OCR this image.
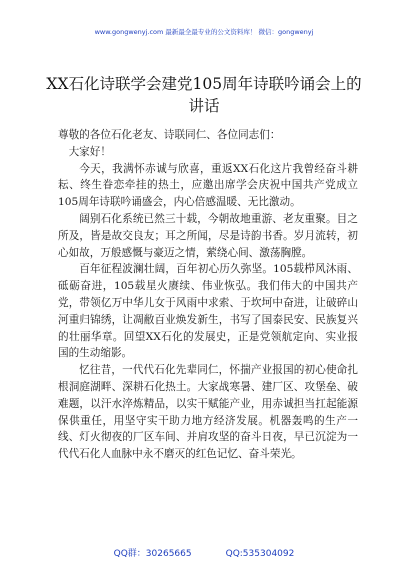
www.gongwenyj.com 最新最全最专业的公文资料库！ 微信：gongwenyj
XX石化诗联学会建党105周年诗联吟诵会上的讲话

尊敬的各位石化老友、诗联同仁、各位同志们：

大家好！

今天，我满怀赤诚与欣喜，重返XX石化这片我曾经奋斗耕耘、终生眷恋牵挂的热土，应邀出席学会庆祝中国共产党成立105周年诗联吟诵盛会，内心倍感温暖、无比激动。

阔别石化系统已然三十载，今朝故地重游、老友重聚。目之所及，皆是故交良友；耳之所闻，尽是诗韵书香。岁月流转，初心如故，万般感慨与豪迈之情，萦绕心间、激荡胸膛。

百年征程波澜壮阔，百年初心历久弥坚。105载栉风沐雨、砥砺奋进，105载星火赓续、伟业恢弘。我们伟大的中国共产党，带领亿万中华儿女于风雨中求索、于坎坷中奋进，让破碎山河重归锦绣，让凋敝百业焕发新生，书写了国泰民安、民族复兴的壮丽华章。回望XX石化的发展史，正是党领航定向、实业报国的生动缩影。

忆往昔，一代代石化先辈同仁，怀揣产业报国的初心使命扎根洞庭湖畔、深耕石化热土。大家战寒暑、建厂区、攻堡垒、破难题，以汗水淬炼精品，以实干赋能产业，用赤诚担当扛起能源保供重任，用坚守实干助力地方经济发展。机器轰鸣的生产一线、灯火彻夜的厂区车间、并肩攻坚的奋斗日夜，早已沉淀为一代代石化人血脉中永不磨灭的红色记忆、奋斗荣光。

QQ群：30265665	QQ:535304092
